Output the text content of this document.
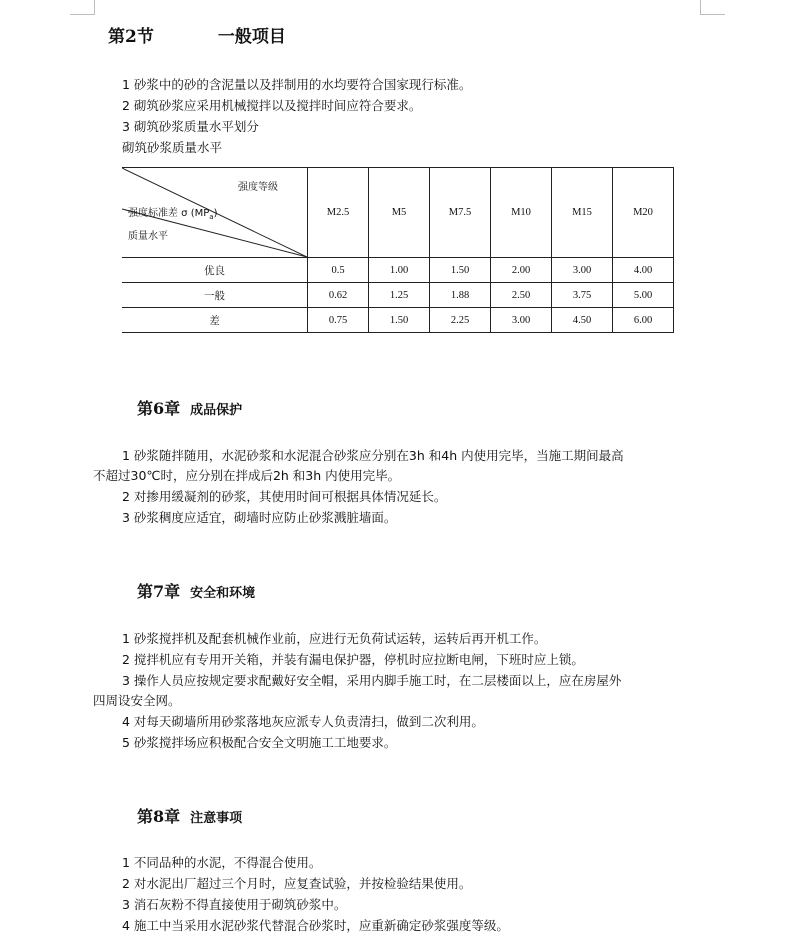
第2节	一般项目
1 砂浆中的砂的含泥量以及拌制用的水均要符合国家现行标准。
2 砌筑砂浆应采用机械搅拌以及搅拌时间应符合要求。
3 砌筑砂浆质量水平划分
砌筑砂浆质量水平
强度等级
强度标准差 σ $(MP_a)$
质量水平	M2.5	M5	M7.5	M10	M15	M20
优良	0.5	1.00	1.50	2.00	3.00	4.00
一般	0.62	1.25	1.88	2.50	3.75	5.00
差	0.75	1.50	2.25	3.00	4.50	6.00
第6章 成品保护
1 砂浆随拌随用，水泥砂浆和水泥混合砂浆应分别在3h 和4h 内使用完毕，当施工期间最高
不超过30℃时，应分别在拌成后2h 和3h 内使用完毕。
2 对掺用缓凝剂的砂浆，其使用时间可根据具体情况延长。
3 砂浆稠度应适宜，砌墙时应防止砂浆溅脏墙面。
第7章 安全和环境
1 砂浆搅拌机及配套机械作业前，应进行无负荷试运转，运转后再开机工作。
2 搅拌机应有专用开关箱，并装有漏电保护器，停机时应拉断电闸，下班时应上锁。
3 操作人员应按规定要求配戴好安全帽，采用内脚手施工时，在二层楼面以上，应在房屋外
四周设安全网。
4 对每天砌墙所用砂浆落地灰应派专人负责清扫，做到二次利用。
5 砂浆搅拌场应积极配合安全文明施工工地要求。
第8章 注意事项
1 不同品种的水泥，不得混合使用。
2 对水泥出厂超过三个月时，应复查试验，并按检验结果使用。
3 消石灰粉不得直接使用于砌筑砂浆中。
4 施工中当采用水泥砂浆代替混合砂浆时，应重新确定砂浆强度等级。
